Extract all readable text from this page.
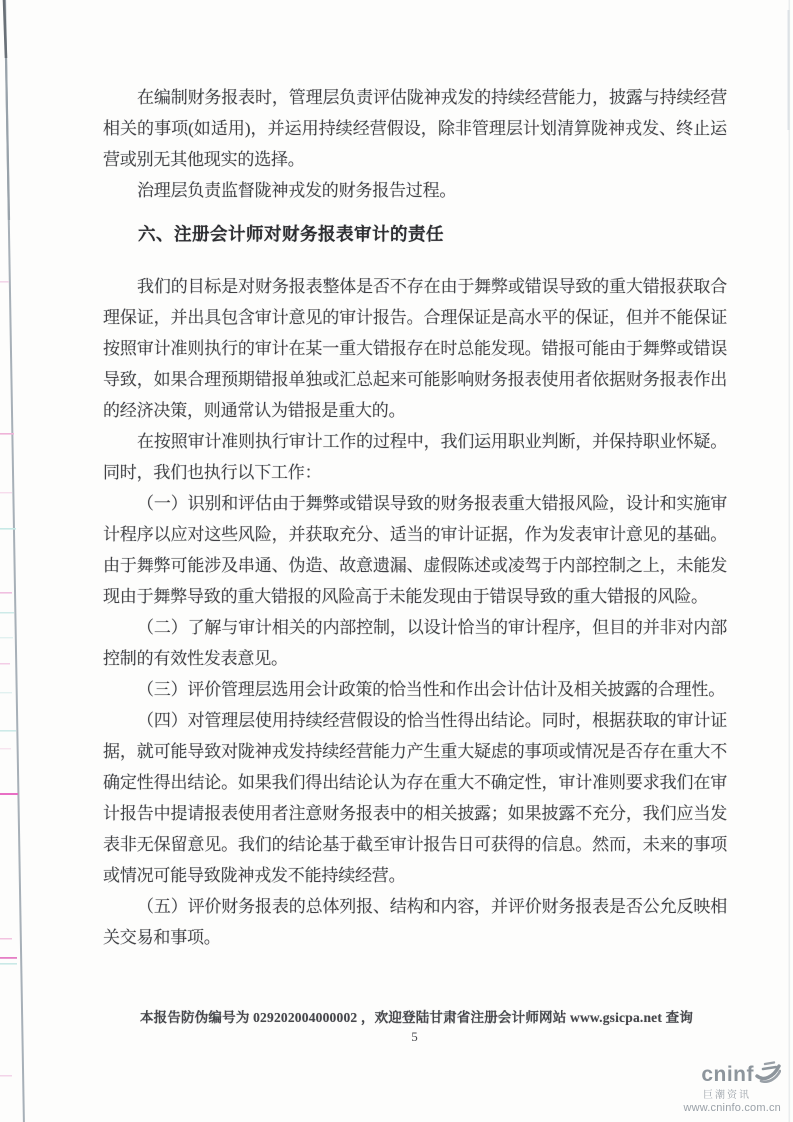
在编制财务报表时，管理层负责评估陇神戎发的持续经营能力，披露与持续经营相关的事项(如适用)，并运用持续经营假设，除非管理层计划清算陇神戎发、终止运营或别无其他现实的选择。

治理层负责监督陇神戎发的财务报告过程。

六、注册会计师对财务报表审计的责任

我们的目标是对财务报表整体是否不存在由于舞弊或错误导致的重大错报获取合理保证，并出具包含审计意见的审计报告。合理保证是高水平的保证，但并不能保证按照审计准则执行的审计在某一重大错报存在时总能发现。错报可能由于舞弊或错误导致，如果合理预期错报单独或汇总起来可能影响财务报表使用者依据财务报表作出的经济决策，则通常认为错报是重大的。

在按照审计准则执行审计工作的过程中，我们运用职业判断，并保持职业怀疑。同时，我们也执行以下工作：

（一）识别和评估由于舞弊或错误导致的财务报表重大错报风险，设计和实施审计程序以应对这些风险，并获取充分、适当的审计证据，作为发表审计意见的基础。由于舞弊可能涉及串通、伪造、故意遗漏、虚假陈述或凌驾于内部控制之上，未能发现由于舞弊导致的重大错报的风险高于未能发现由于错误导致的重大错报的风险。

（二）了解与审计相关的内部控制，以设计恰当的审计程序，但目的并非对内部控制的有效性发表意见。

（三）评价管理层选用会计政策的恰当性和作出会计估计及相关披露的合理性。

（四）对管理层使用持续经营假设的恰当性得出结论。同时，根据获取的审计证据，就可能导致对陇神戎发持续经营能力产生重大疑虑的事项或情况是否存在重大不确定性得出结论。如果我们得出结论认为存在重大不确定性，审计准则要求我们在审计报告中提请报表使用者注意财务报表中的相关披露；如果披露不充分，我们应当发表非无保留意见。我们的结论基于截至审计报告日可获得的信息。然而，未来的事项或情况可能导致陇神戎发不能持续经营。

（五）评价财务报表的总体列报、结构和内容，并评价财务报表是否公允反映相关交易和事项。

本报告防伪编号为 029202004000002 ，欢迎登陆甘肃省注册会计师网站 www.gsicpa.net 查询
5
cninf
巨潮资讯
www.cninfo.com.cn
